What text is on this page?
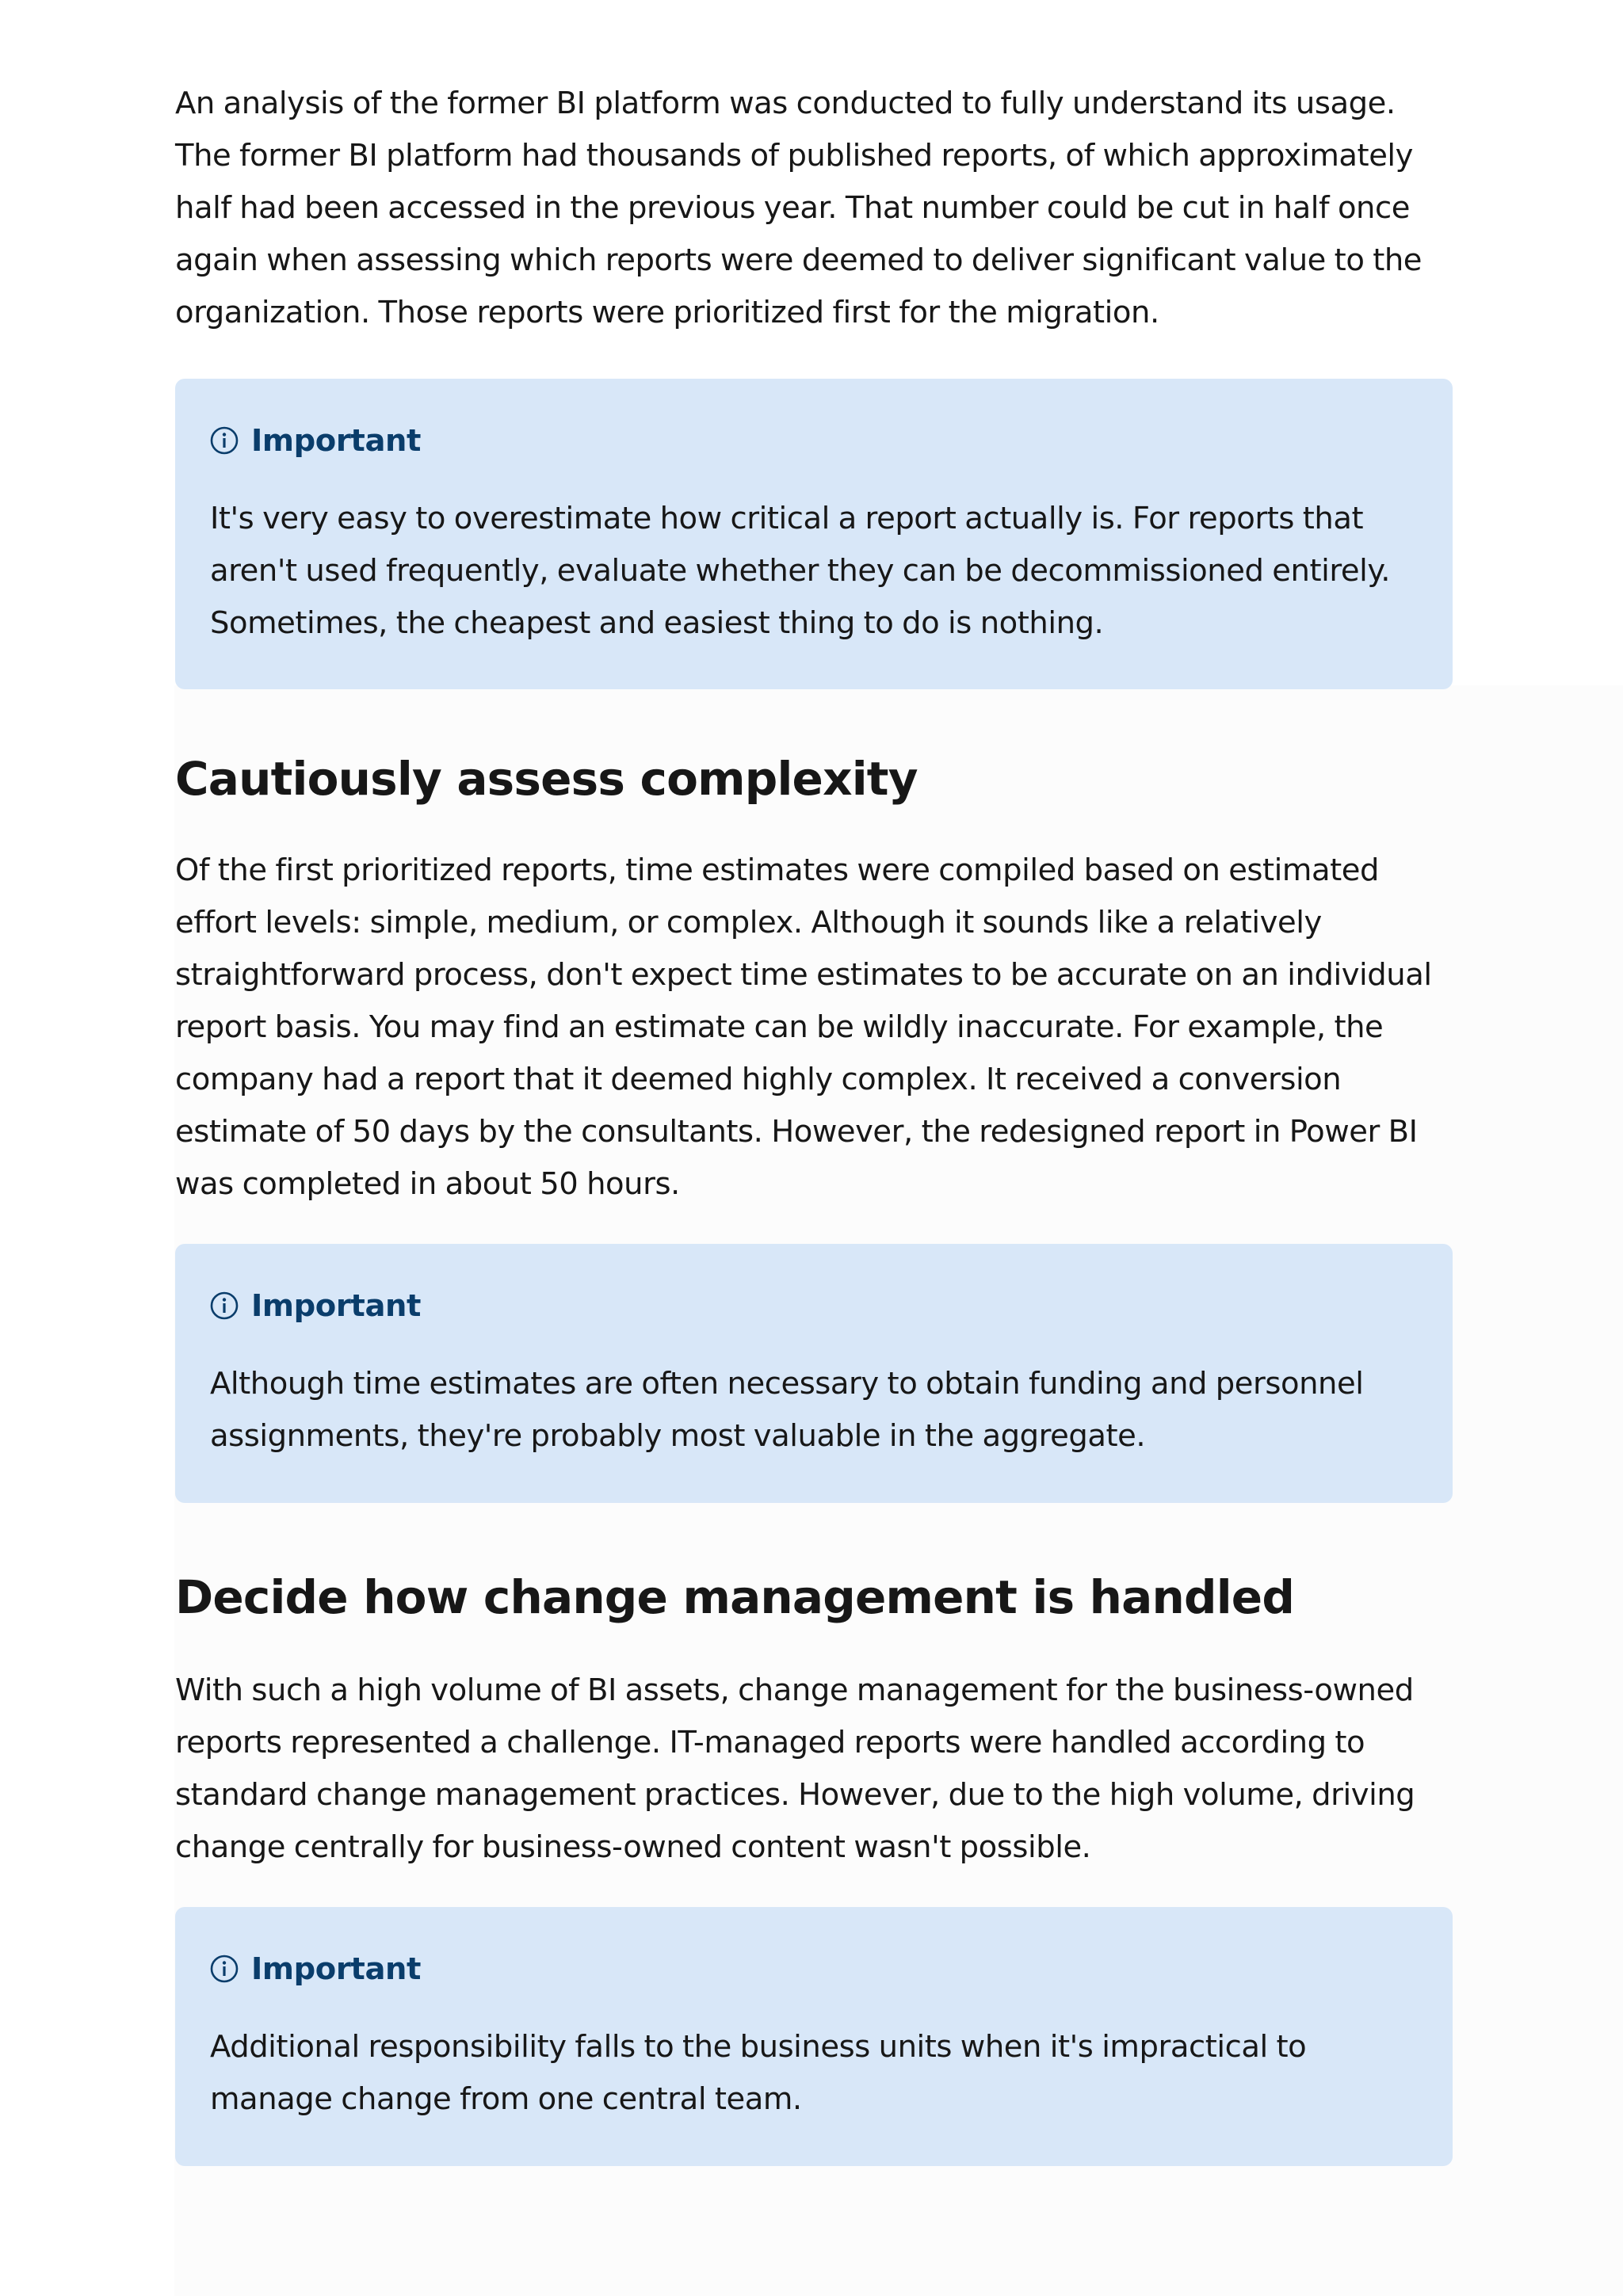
An analysis of the former BI platform was conducted to fully understand its usage. The former BI platform had thousands of published reports, of which approximately half had been accessed in the previous year. That number could be cut in half once again when assessing which reports were deemed to deliver significant value to the organization. Those reports were prioritized first for the migration.

Important

It's very easy to overestimate how critical a report actually is. For reports that aren't used frequently, evaluate whether they can be decommissioned entirely. Sometimes, the cheapest and easiest thing to do is nothing.

Cautiously assess complexity

Of the first prioritized reports, time estimates were compiled based on estimated effort levels: simple, medium, or complex. Although it sounds like a relatively straightforward process, don't expect time estimates to be accurate on an individual report basis. You may find an estimate can be wildly inaccurate. For example, the company had a report that it deemed highly complex. It received a conversion estimate of 50 days by the consultants. However, the redesigned report in Power BI was completed in about 50 hours.

Important

Although time estimates are often necessary to obtain funding and personnel assignments, they're probably most valuable in the aggregate.

Decide how change management is handled

With such a high volume of BI assets, change management for the business-owned reports represented a challenge. IT-managed reports were handled according to standard change management practices. However, due to the high volume, driving change centrally for business-owned content wasn't possible.

Important

Additional responsibility falls to the business units when it's impractical to manage change from one central team.
